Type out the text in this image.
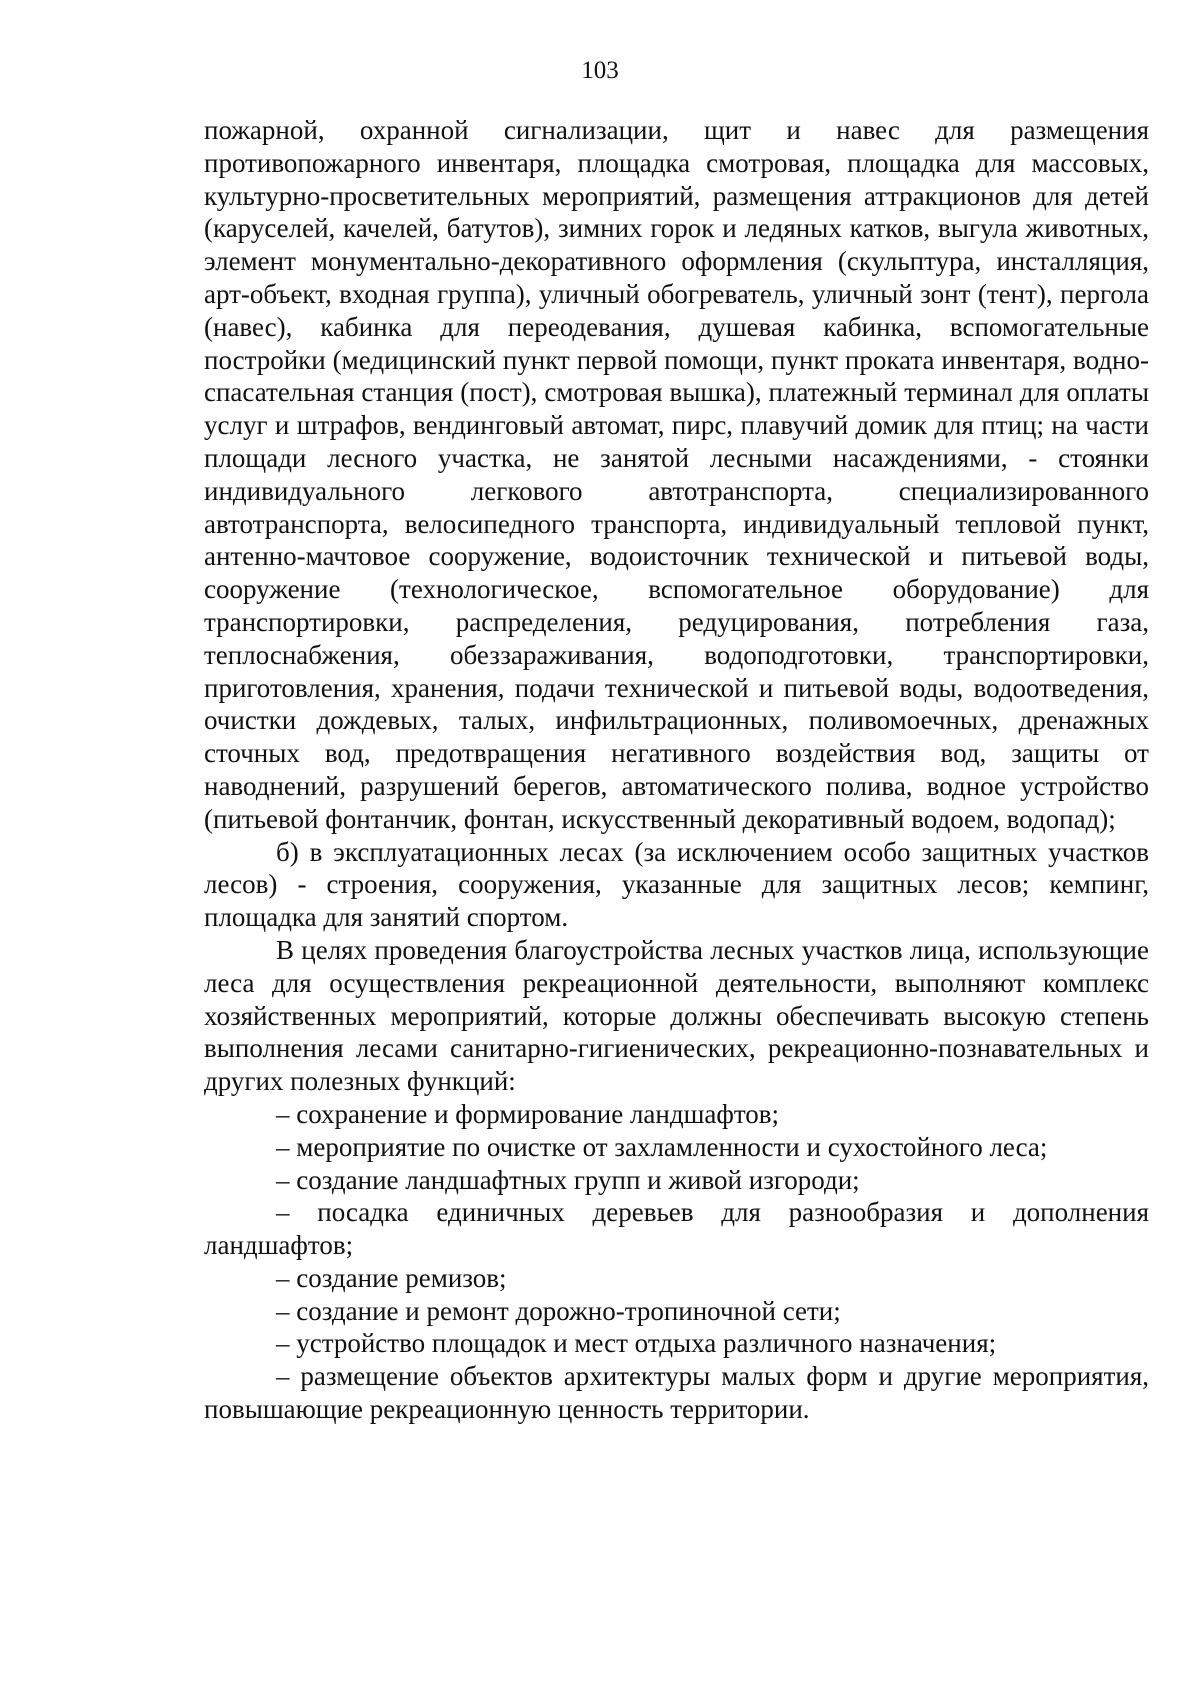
103

пожарной, охранной сигнализации, щит и навес для размещения противопожарного инвентаря, площадка смотровая, площадка для массовых, культурно-просветительных мероприятий, размещения аттракционов для детей (каруселей, качелей, батутов), зимних горок и ледяных катков, выгула животных, элемент монументально-декоративного оформления (скульптура, инсталляция, арт-объект, входная группа), уличный обогреватель, уличный зонт (тент), пергола (навес), кабинка для переодевания, душевая кабинка, вспомогательные постройки (медицинский пункт первой помощи, пункт проката инвентаря, водно-спасательная станция (пост), смотровая вышка), платежный терминал для оплаты услуг и штрафов, вендинговый автомат, пирс, плавучий домик для птиц; на части площади лесного участка, не занятой лесными насаждениями, - стоянки индивидуального легкового автотранспорта, специализированного автотранспорта, велосипедного транспорта, индивидуальный тепловой пункт, антенно-мачтовое сооружение, водоисточник технической и питьевой воды, сооружение (технологическое, вспомогательное оборудование) для транспортировки, распределения, редуцирования, потребления газа, теплоснабжения, обеззараживания, водоподготовки, транспортировки, приготовления, хранения, подачи технической и питьевой воды, водоотведения, очистки дождевых, талых, инфильтрационных, поливомоечных, дренажных сточных вод, предотвращения негативного воздействия вод, защиты от наводнений, разрушений берегов, автоматического полива, водное устройство (питьевой фонтанчик, фонтан, искусственный декоративный водоем, водопад);

б) в эксплуатационных лесах (за исключением особо защитных участков лесов) - строения, сооружения, указанные для защитных лесов; кемпинг, площадка для занятий спортом.

В целях проведения благоустройства лесных участков лица, использующие леса для осуществления рекреационной деятельности, выполняют комплекс хозяйственных мероприятий, которые должны обеспечивать высокую степень выполнения лесами санитарно-гигиенических, рекреационно-познавательных и других полезных функций:

– сохранение и формирование ландшафтов;

– мероприятие по очистке от захламленности и сухостойного леса;

– создание ландшафтных групп и живой изгороди;

– посадка единичных деревьев для разнообразия и дополнения ландшафтов;

– создание ремизов;

– создание и ремонт дорожно-тропиночной сети;

– устройство площадок и мест отдыха различного назначения;

– размещение объектов архитектуры малых форм и другие мероприятия, повышающие рекреационную ценность территории.
